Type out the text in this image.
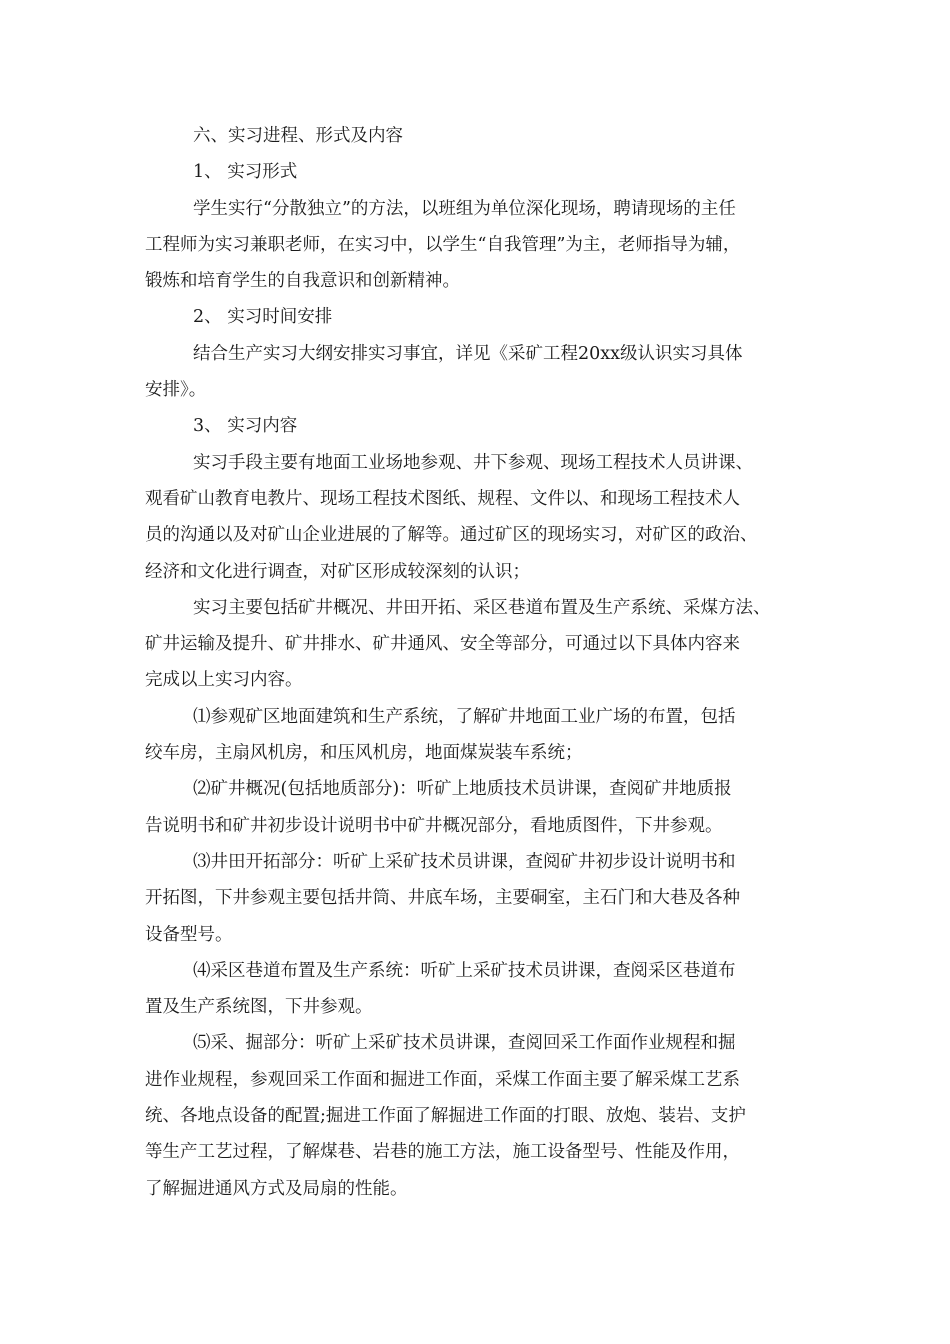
六、实习进程、形式及内容
1、 实习形式
学生实行“分散独立”的方法，以班组为单位深化现场，聘请现场的主任
工程师为实习兼职老师，在实习中，以学生“自我管理”为主，老师指导为辅，
锻炼和培育学生的自我意识和创新精神。
2、 实习时间安排
结合生产实习大纲安排实习事宜，详见《采矿工程20xx级认识实习具体
安排》。
3、 实习内容
实习手段主要有地面工业场地参观、井下参观、现场工程技术人员讲课、
观看矿山教育电教片、现场工程技术图纸、规程、文件以、和现场工程技术人
员的沟通以及对矿山企业进展的了解等。通过矿区的现场实习，对矿区的政治、
经济和文化进行调查，对矿区形成较深刻的认识；
实习主要包括矿井概况、井田开拓、采区巷道布置及生产系统、采煤方法、
矿井运输及提升、矿井排水、矿井通风、安全等部分，可通过以下具体内容来
完成以上实习内容。
⑴参观矿区地面建筑和生产系统，了解矿井地面工业广场的布置，包括
绞车房，主扇风机房，和压风机房，地面煤炭装车系统；
⑵矿井概况(包括地质部分)：听矿上地质技术员讲课，查阅矿井地质报
告说明书和矿井初步设计说明书中矿井概况部分，看地质图件，下井参观。
⑶井田开拓部分：听矿上采矿技术员讲课，查阅矿井初步设计说明书和
开拓图，下井参观主要包括井筒、井底车场，主要硐室，主石门和大巷及各种
设备型号。
⑷采区巷道布置及生产系统：听矿上采矿技术员讲课，查阅采区巷道布
置及生产系统图，下井参观。
⑸采、掘部分：听矿上采矿技术员讲课，查阅回采工作面作业规程和掘
进作业规程，参观回采工作面和掘进工作面，采煤工作面主要了解采煤工艺系
统、各地点设备的配置;掘进工作面了解掘进工作面的打眼、放炮、装岩、支护
等生产工艺过程，了解煤巷、岩巷的施工方法，施工设备型号、性能及作用，
了解掘进通风方式及局扇的性能。
